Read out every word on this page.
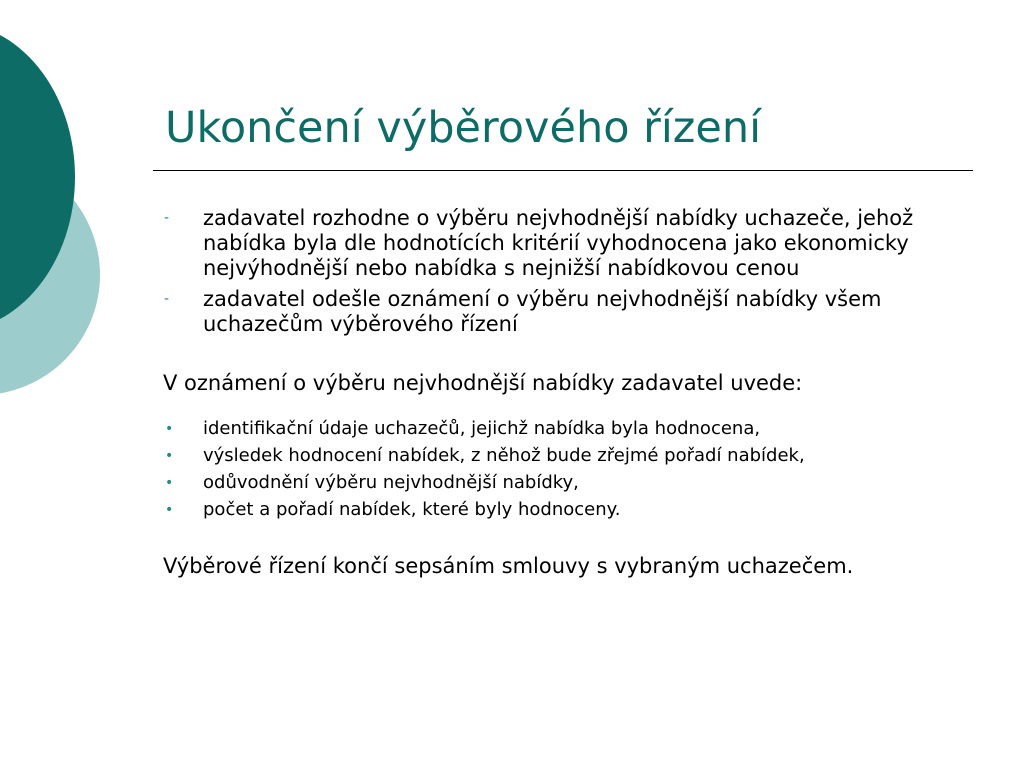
Ukončení výběrového řízení
- zadavatel rozhodne o výběru nejvhodnější nabídky uchazeče, jehož nabídka byla dle hodnotících kritérií vyhodnocena jako ekonomicky nejvýhodnější nebo nabídka s nejnižší nabídkovou cenou
- zadavatel odešle oznámení o výběru nejvhodnější nabídky všem uchazečům výběrového řízení

V oznámení o výběru nejvhodnější nabídky zadavatel uvede:

• identifikační údaje uchazečů, jejichž nabídka byla hodnocena,
• výsledek hodnocení nabídek, z něhož bude zřejmé pořadí nabídek,
• odůvodnění výběru nejvhodnější nabídky,
• počet a pořadí nabídek, které byly hodnoceny.

Výběrové řízení končí sepsáním smlouvy s vybraným uchazečem.
